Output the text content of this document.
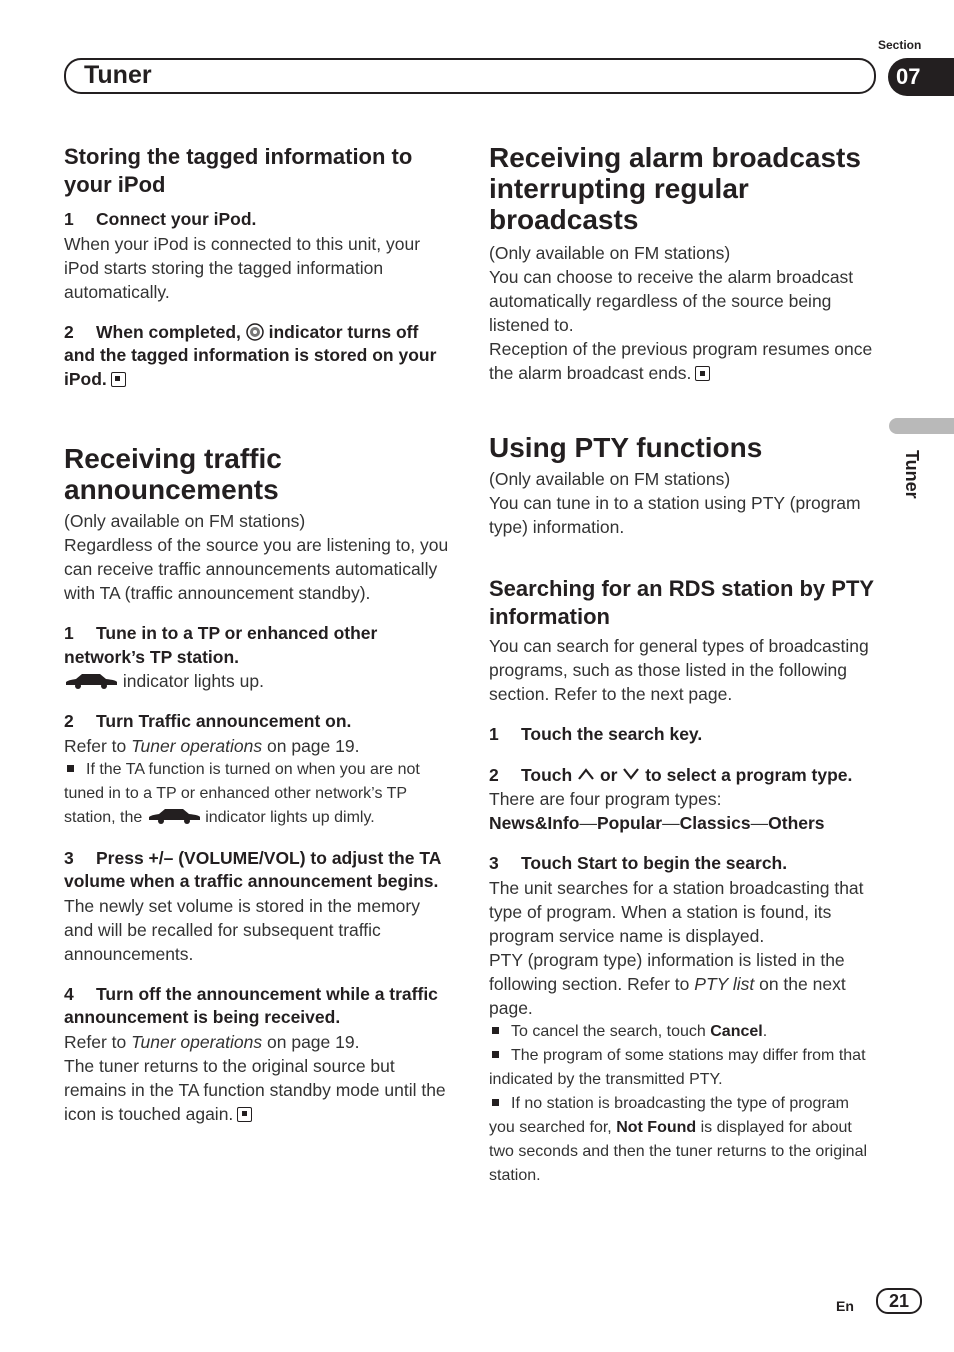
Section
07
Tuner
Tuner
Storing the tagged information to your iPod

1 Connect your iPod.

When your iPod is connected to this unit, your iPod starts storing the tagged information automatically.

2 When completed, indicator turns off and the tagged information is stored on your iPod.

Receiving traffic announcements

(Only available on FM stations)

Regardless of the source you are listening to, you can receive traffic announcements automatically with TA (traffic announcement standby).

1 Tune in to a TP or enhanced other network’s TP station.

indicator lights up.

2 Turn Traffic announcement on.

Refer to Tuner operations on page 19.

If the TA function is turned on when you are not tuned in to a TP or enhanced other network’s TP station, the	indicator lights up dimly.

3 Press +/– (VOLUME/VOL) to adjust the TA volume when a traffic announcement begins.

The newly set volume is stored in the memory and will be recalled for subsequent traffic announcements.

4 Turn off the announcement while a traffic announcement is being received.

Refer to Tuner operations on page 19.

The tuner returns to the original source but remains in the TA function standby mode until the icon is touched again.

Receiving alarm broadcasts interrupting regular broadcasts

(Only available on FM stations)

You can choose to receive the alarm broadcast automatically regardless of the source being listened to.

Reception of the previous program resumes once the alarm broadcast ends.

Using PTY functions

(Only available on FM stations)

You can tune in to a station using PTY (program type) information.

Searching for an RDS station by PTY information

You can search for general types of broadcasting programs, such as those listed in the following section. Refer to the next page.

1 Touch the search key.

2 Touch or to select a program type.

There are four program types:

News&Info—Popular—Classics—Others

3 Touch Start to begin the search.

The unit searches for a station broadcasting that type of program. When a station is found, its program service name is displayed.

PTY (program type) information is listed in the following section. Refer to PTY list on the next page.

To cancel the search, touch Cancel.

The program of some stations may differ from that indicated by the transmitted PTY.

If no station is broadcasting the type of program you searched for, Not Found is displayed for about two seconds and then the tuner returns to the original station.

En	21
